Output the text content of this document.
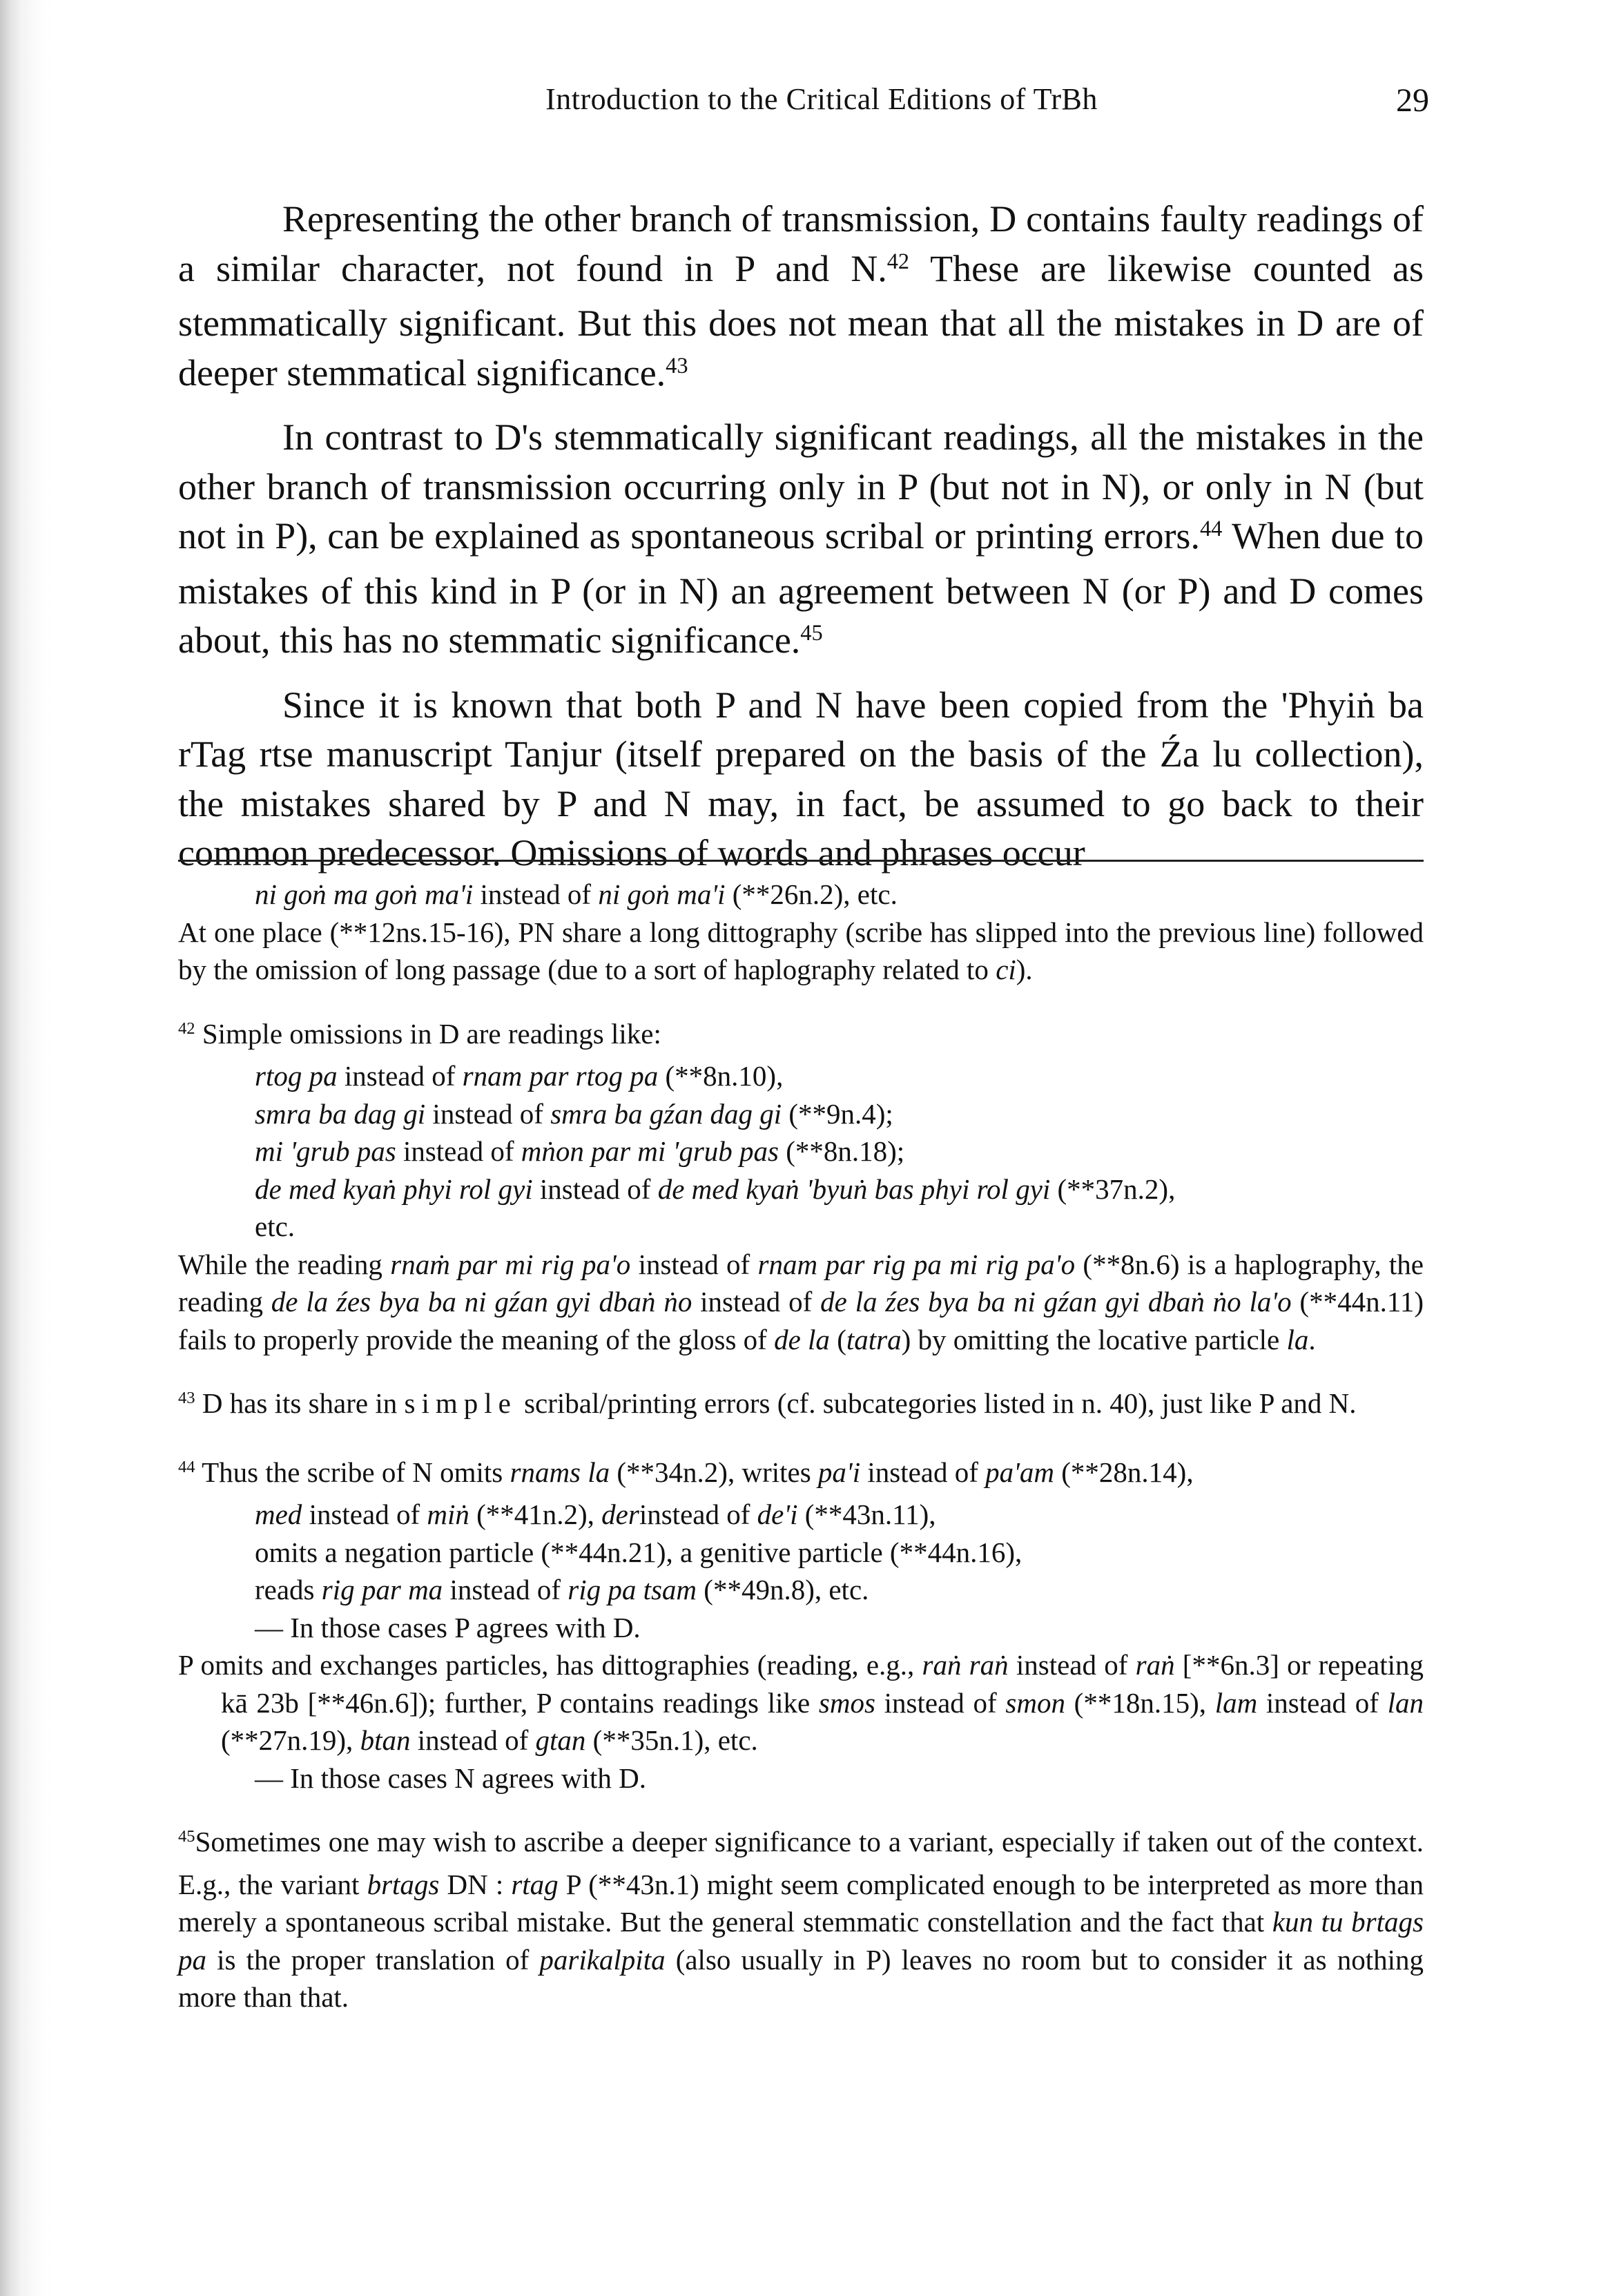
Introduction to the Critical Editions of TrBh	29

Representing the other branch of transmission, D contains faulty readings of a similar character, not found in P and N.$^{42}$ These are likewise counted as stemmatically significant. But this does not mean that all the mistakes in D are of deeper stemmatical significance.$^{43}$

In contrast to D's stemmatically significant readings, all the mistakes in the other branch of transmission occurring only in P (but not in N), or only in N (but not in P), can be explained as spontaneous scribal or printing errors.$^{44}$ When due to mistakes of this kind in P (or in N) an agreement between N (or P) and D comes about, this has no stemmatic significance.$^{45}$

Since it is known that both P and N have been copied from the 'Phyiṅ ba rTag rtse manuscript Tanjur (itself prepared on the basis of the Źa lu collection), the mistakes shared by P and N may, in fact, be assumed to go back to their common predecessor. Omissions of words and phrases occur

ni goṅ ma goṅ ma'i instead of ni goṅ ma'i (**26n.2), etc.

At one place (**12ns.15-16), PN share a long dittography (scribe has slipped into the previous line) followed by the omission of long passage (due to a sort of haplography related to ci).

$^{42}$ Simple omissions in D are readings like:

rtog pa instead of rnam par rtog pa (**8n.10),

smra ba dag gi instead of smra ba gźan dag gi (**9n.4);

mi 'grub pas instead of mṅon par mi 'grub pas (**8n.18);

de med kyaṅ phyi rol gyi instead of de med kyaṅ 'byuṅ bas phyi rol gyi (**37n.2),

etc.

While the reading rnaṁ par mi rig pa'o instead of rnam par rig pa mi rig pa'o (**8n.6) is a haplography, the reading de la źes bya ba ni gźan gyi dbaṅ ṅo instead of de la źes bya ba ni gźan gyi dbaṅ ṅo la'o (**44n.11) fails to properly provide the meaning of the gloss of de la (tatra) by omitting the locative particle la.

$^{43}$ D has its share in simple scribal/printing errors (cf. subcategories listed in n. 40), just like P and N.

$^{44}$ Thus the scribe of N omits rnams la (**34n.2), writes pa'i instead of pa'am (**28n.14),

med instead of miṅ (**41n.2), derinstead of de'i (**43n.11),

omits a negation particle (**44n.21), a genitive particle (**44n.16),

reads rig par ma instead of rig pa tsam (**49n.8), etc.

— In those cases P agrees with D.

P omits and exchanges particles, has dittographies (reading, e.g., raṅ raṅ instead of raṅ [**6n.3] or repeating kā 23b [**46n.6]); further, P contains readings like smos instead of smon (**18n.15), lam instead of lan (**27n.19), btan instead of gtan (**35n.1), etc.

— In those cases N agrees with D.

$^{45}$Sometimes one may wish to ascribe a deeper significance to a variant, especially if taken out of the context. E.g., the variant brtags DN : rtag P (**43n.1) might seem complicated enough to be interpreted as more than merely a spontaneous scribal mistake. But the general stemmatic constellation and the fact that kun tu brtags pa is the proper translation of parikalpita (also usually in P) leaves no room but to consider it as nothing more than that.
